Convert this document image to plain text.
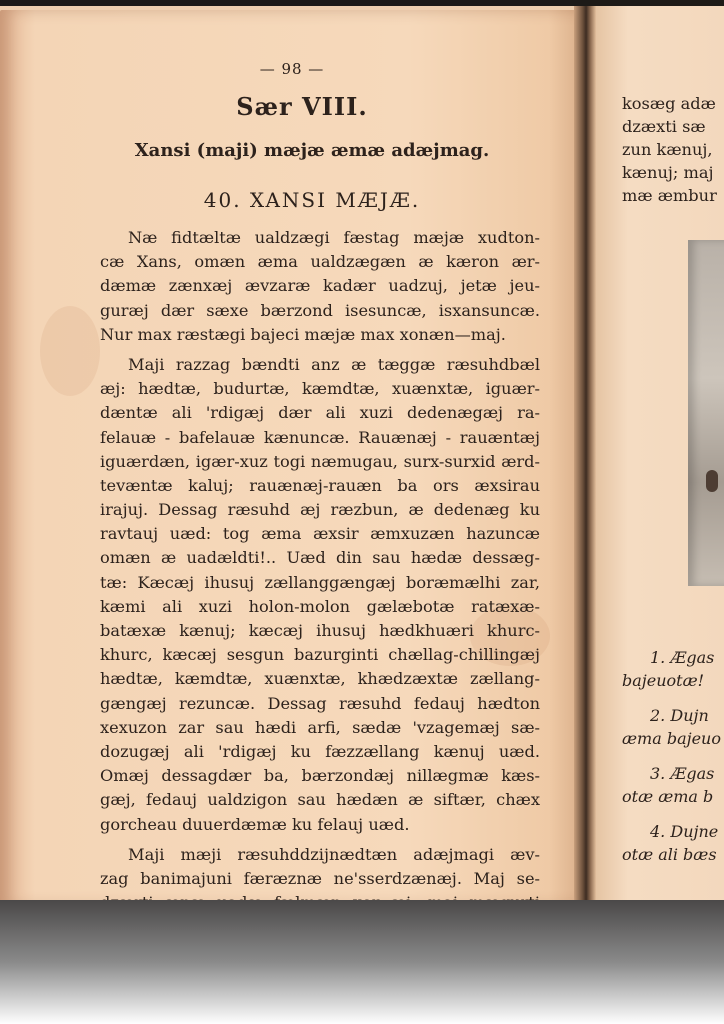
— 98 —
Sær VIII.
Xansi (maji) mæjæ æmæ adæjmag.
40. XANSI MÆJÆ.
Næ fidtæltæ ualdzægi fæstag mæjæ xudton-
cæ Xans, omæn æma ualdzægæn æ kæron ær-
dæmæ zænxæj ævzaræ kadær uadzuj, jetæ jeu-
guræj dær sæxe bærzond isesuncæ, isxansuncæ.
Nur max ræstægi bajeci mæjæ max xonæn—maj.
Maji razzag bændti anz æ tæggæ ræsuhdbæl
æj: hædtæ, budurtæ, kæmdtæ, xuænxtæ, iguær-
dæntæ ali 'rdigæj dær ali xuzi dedenægæj ra-
felauæ - bafelauæ kænuncæ. Rauænæj - rauæntæj
iguærdæn, igær-xuz togi næmugau, surx-surxid ærd-
tevæntæ kaluj; rauænæj-rauæn ba ors æxsirau
irajuj. Dessag ræsuhd æj ræzbun, æ dedenæg ku
ravtauj uæd: tog æma æxsir æmxuzæn hazuncæ
omæn æ uadældti!.. Uæd din sau hædæ dessæg-
tæ: Kæcæj ihusuj zællanggængæj boræmælhi zar,
kæmi ali xuzi holon-molon gælæbotæ ratæxæ-
batæxæ kænuj; kæcæj ihusuj hædkhuæri khurc-
khurc, kæcæj sesgun bazurginti chællag-chillingæj
hædtæ, kæmdtæ, xuænxtæ, khædzæxtæ zællang-
gængæj rezuncæ. Dessag ræsuhd fedauj hædton
xexuzon zar sau hædi arfi, sædæ 'vzagemæj sæ-
dozugæj ali 'rdigæj ku fæzzællang kænuj uæd.
Omæj dessagdær ba, bærzondæj nillægmæ kæs-
gæj, fedauj ualdzigon sau hædæn æ siftær, chæx
gorcheau duuerdæmæ ku felauj uæd.
Maji mæji ræsuhddzijnædtæn adæjmagi æv-
zag banimajuni færæznæ ne'sserdzænæj. Maj se-
kosæg adæ
dzæxti sæ
zun kænuj,
kænuj; maj
mæ æmbur
1. Ægas
bajeuotæ!
2. Dujn
æma bajeuo
3. Ægas
otæ æma b
4. Dujne
otæ ali bæs
